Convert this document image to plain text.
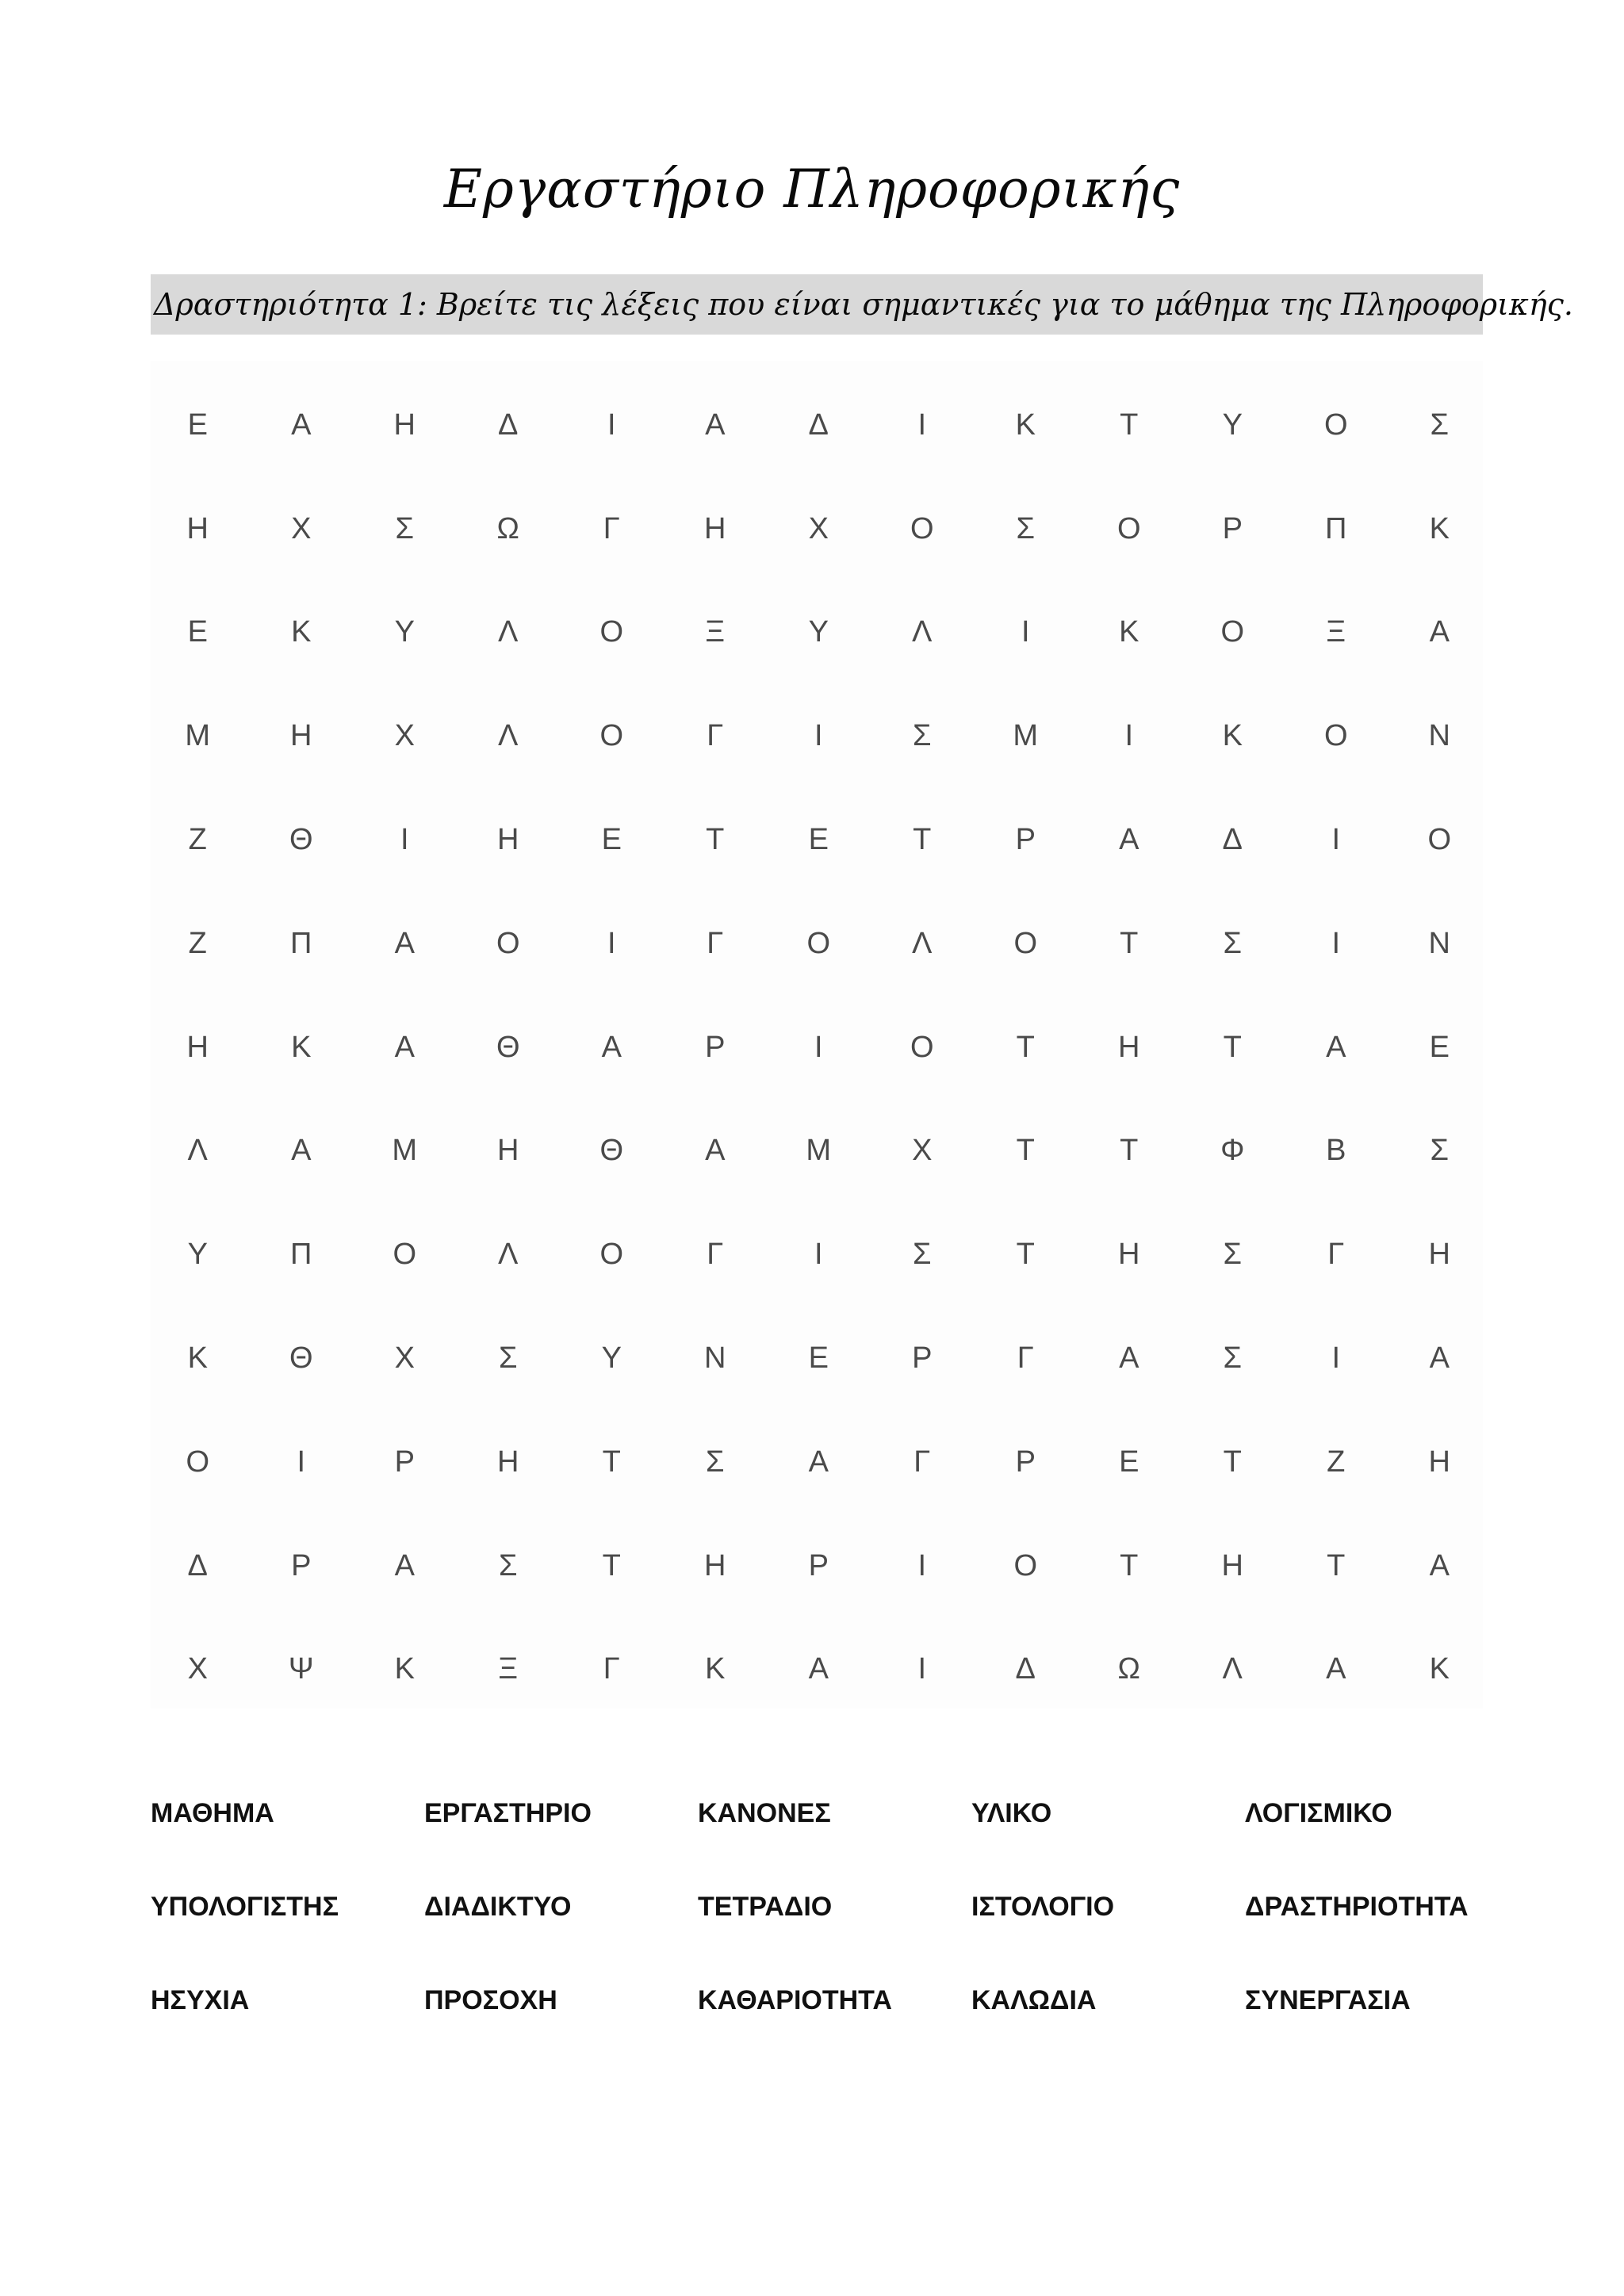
Εργαστήριο Πληροφορικής
Δραστηριότητα 1: Βρείτε τις λέξεις που είναι σημαντικές για το μάθημα της Πληροφορικής.
Ε	Α	Η	Δ	Ι	Α	Δ	Ι	Κ	Τ	Υ	Ο	Σ
Η	Χ	Σ	Ω	Γ	Η	Χ	Ο	Σ	Ο	Ρ	Π	Κ
Ε	Κ	Υ	Λ	Ο	Ξ	Υ	Λ	Ι	Κ	Ο	Ξ	Α
Μ	Η	Χ	Λ	Ο	Γ	Ι	Σ	Μ	Ι	Κ	Ο	Ν
Ζ	Θ	Ι	Η	Ε	Τ	Ε	Τ	Ρ	Α	Δ	Ι	Ο
Ζ	Π	Α	Ο	Ι	Γ	Ο	Λ	Ο	Τ	Σ	Ι	Ν
Η	Κ	Α	Θ	Α	Ρ	Ι	Ο	Τ	Η	Τ	Α	Ε
Λ	Α	Μ	Η	Θ	Α	Μ	Χ	Τ	Τ	Φ	Β	Σ
Υ	Π	Ο	Λ	Ο	Γ	Ι	Σ	Τ	Η	Σ	Γ	Η
Κ	Θ	Χ	Σ	Υ	Ν	Ε	Ρ	Γ	Α	Σ	Ι	Α
Ο	Ι	Ρ	Η	Τ	Σ	Α	Γ	Ρ	Ε	Τ	Ζ	Η
Δ	Ρ	Α	Σ	Τ	Η	Ρ	Ι	Ο	Τ	Η	Τ	Α
Χ	Ψ	Κ	Ξ	Γ	Κ	Α	Ι	Δ	Ω	Λ	Α	Κ
ΜΑΘΗΜΑ	ΕΡΓΑΣΤΗΡΙΟ	ΚΑΝΟΝΕΣ	ΥΛΙΚΟ	ΛΟΓΙΣΜΙΚΟ
ΥΠΟΛΟΓΙΣΤΗΣ	ΔΙΑΔΙΚΤΥΟ	ΤΕΤΡΑΔΙΟ	ΙΣΤΟΛΟΓΙΟ	ΔΡΑΣΤΗΡΙΟΤΗΤΑ
ΗΣΥΧΙΑ	ΠΡΟΣΟΧΗ	ΚΑΘΑΡΙΟΤΗΤΑ	ΚΑΛΩΔΙΑ	ΣΥΝΕΡΓΑΣΙΑ
